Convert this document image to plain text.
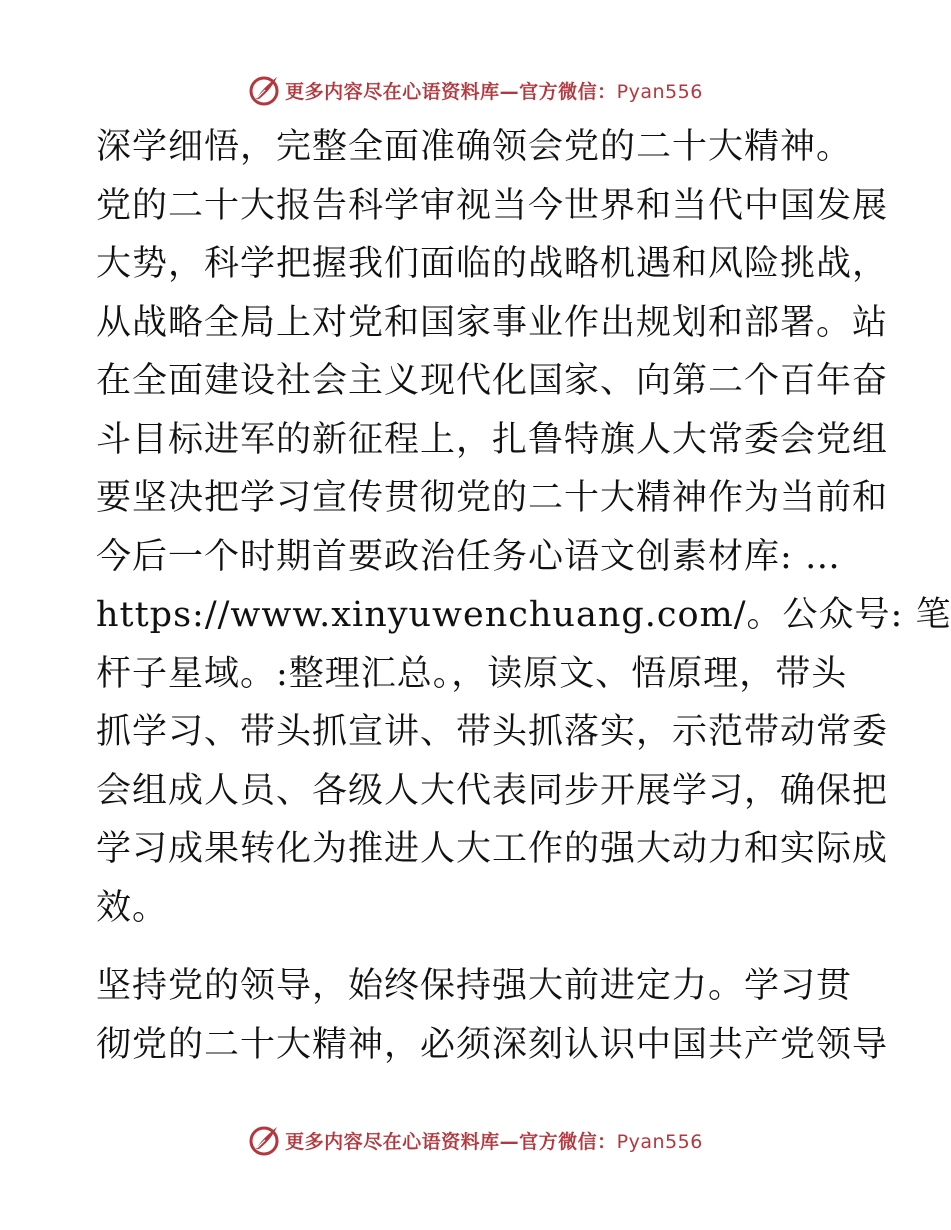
更多内容尽在心语资料库—官方微信：Pyan556
深学细悟，完整全面准确领会党的二十大精神。
党的二十大报告科学审视当今世界和当代中国发展
大势，科学把握我们面临的战略机遇和风险挑战，
从战略全局上对党和国家事业作出规划和部署。站
在全面建设社会主义现代化国家、向第二个百年奋
斗目标进军的新征程上，扎鲁特旗人大常委会党组
要坚决把学习宣传贯彻党的二十大精神作为当前和
今后一个时期首要政治任务心语文创素材库: …
https://www.xinyuwenchuang.com/。公众号: 笔
杆子星域。:整理汇总。，读原文、悟原理，带头
抓学习、带头抓宣讲、带头抓落实，示范带动常委
会组成人员、各级人大代表同步开展学习，确保把
学习成果转化为推进人大工作的强大动力和实际成
效。
坚持党的领导，始终保持强大前进定力。学习贯
彻党的二十大精神，必须深刻认识中国共产党领导
更多内容尽在心语资料库—官方微信：Pyan556
